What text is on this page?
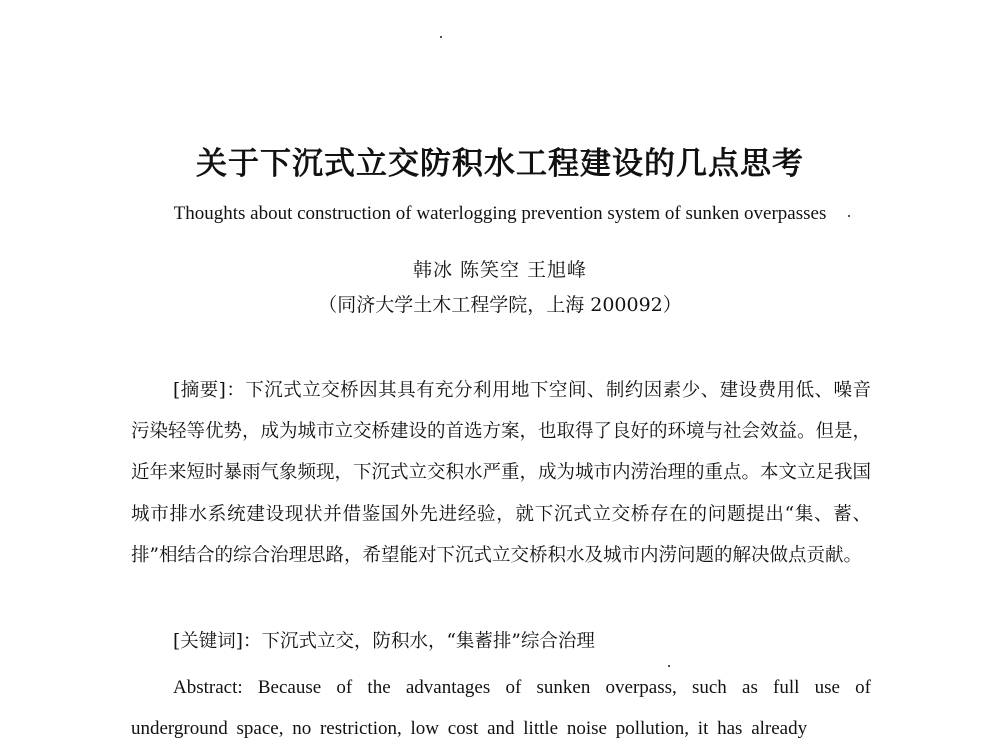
关于下沉式立交防积水工程建设的几点思考
Thoughts about construction of waterlogging prevention system of sunken overpasses
韩冰 陈笑空 王旭峰
（同济大学土木工程学院，上海 200092）
[摘要]：下沉式立交桥因其具有充分利用地下空间、制约因素少、建设费用低、噪音污染轻等优势，成为城市立交桥建设的首选方案，也取得了良好的环境与社会效益。但是，近年来短时暴雨气象频现，下沉式立交积水严重，成为城市内涝治理的重点。本文立足我国城市排水系统建设现状并借鉴国外先进经验，就下沉式立交桥存在的问题提出“集、蓄、排”相结合的综合治理思路，希望能对下沉式立交桥积水及城市内涝问题的解决做点贡献。
[关键词]：下沉式立交，防积水，“集蓄排”综合治理
Abstract: Because of the advantages of sunken overpass, such as full use of underground space, no restriction, low cost and little noise pollution, it has already
